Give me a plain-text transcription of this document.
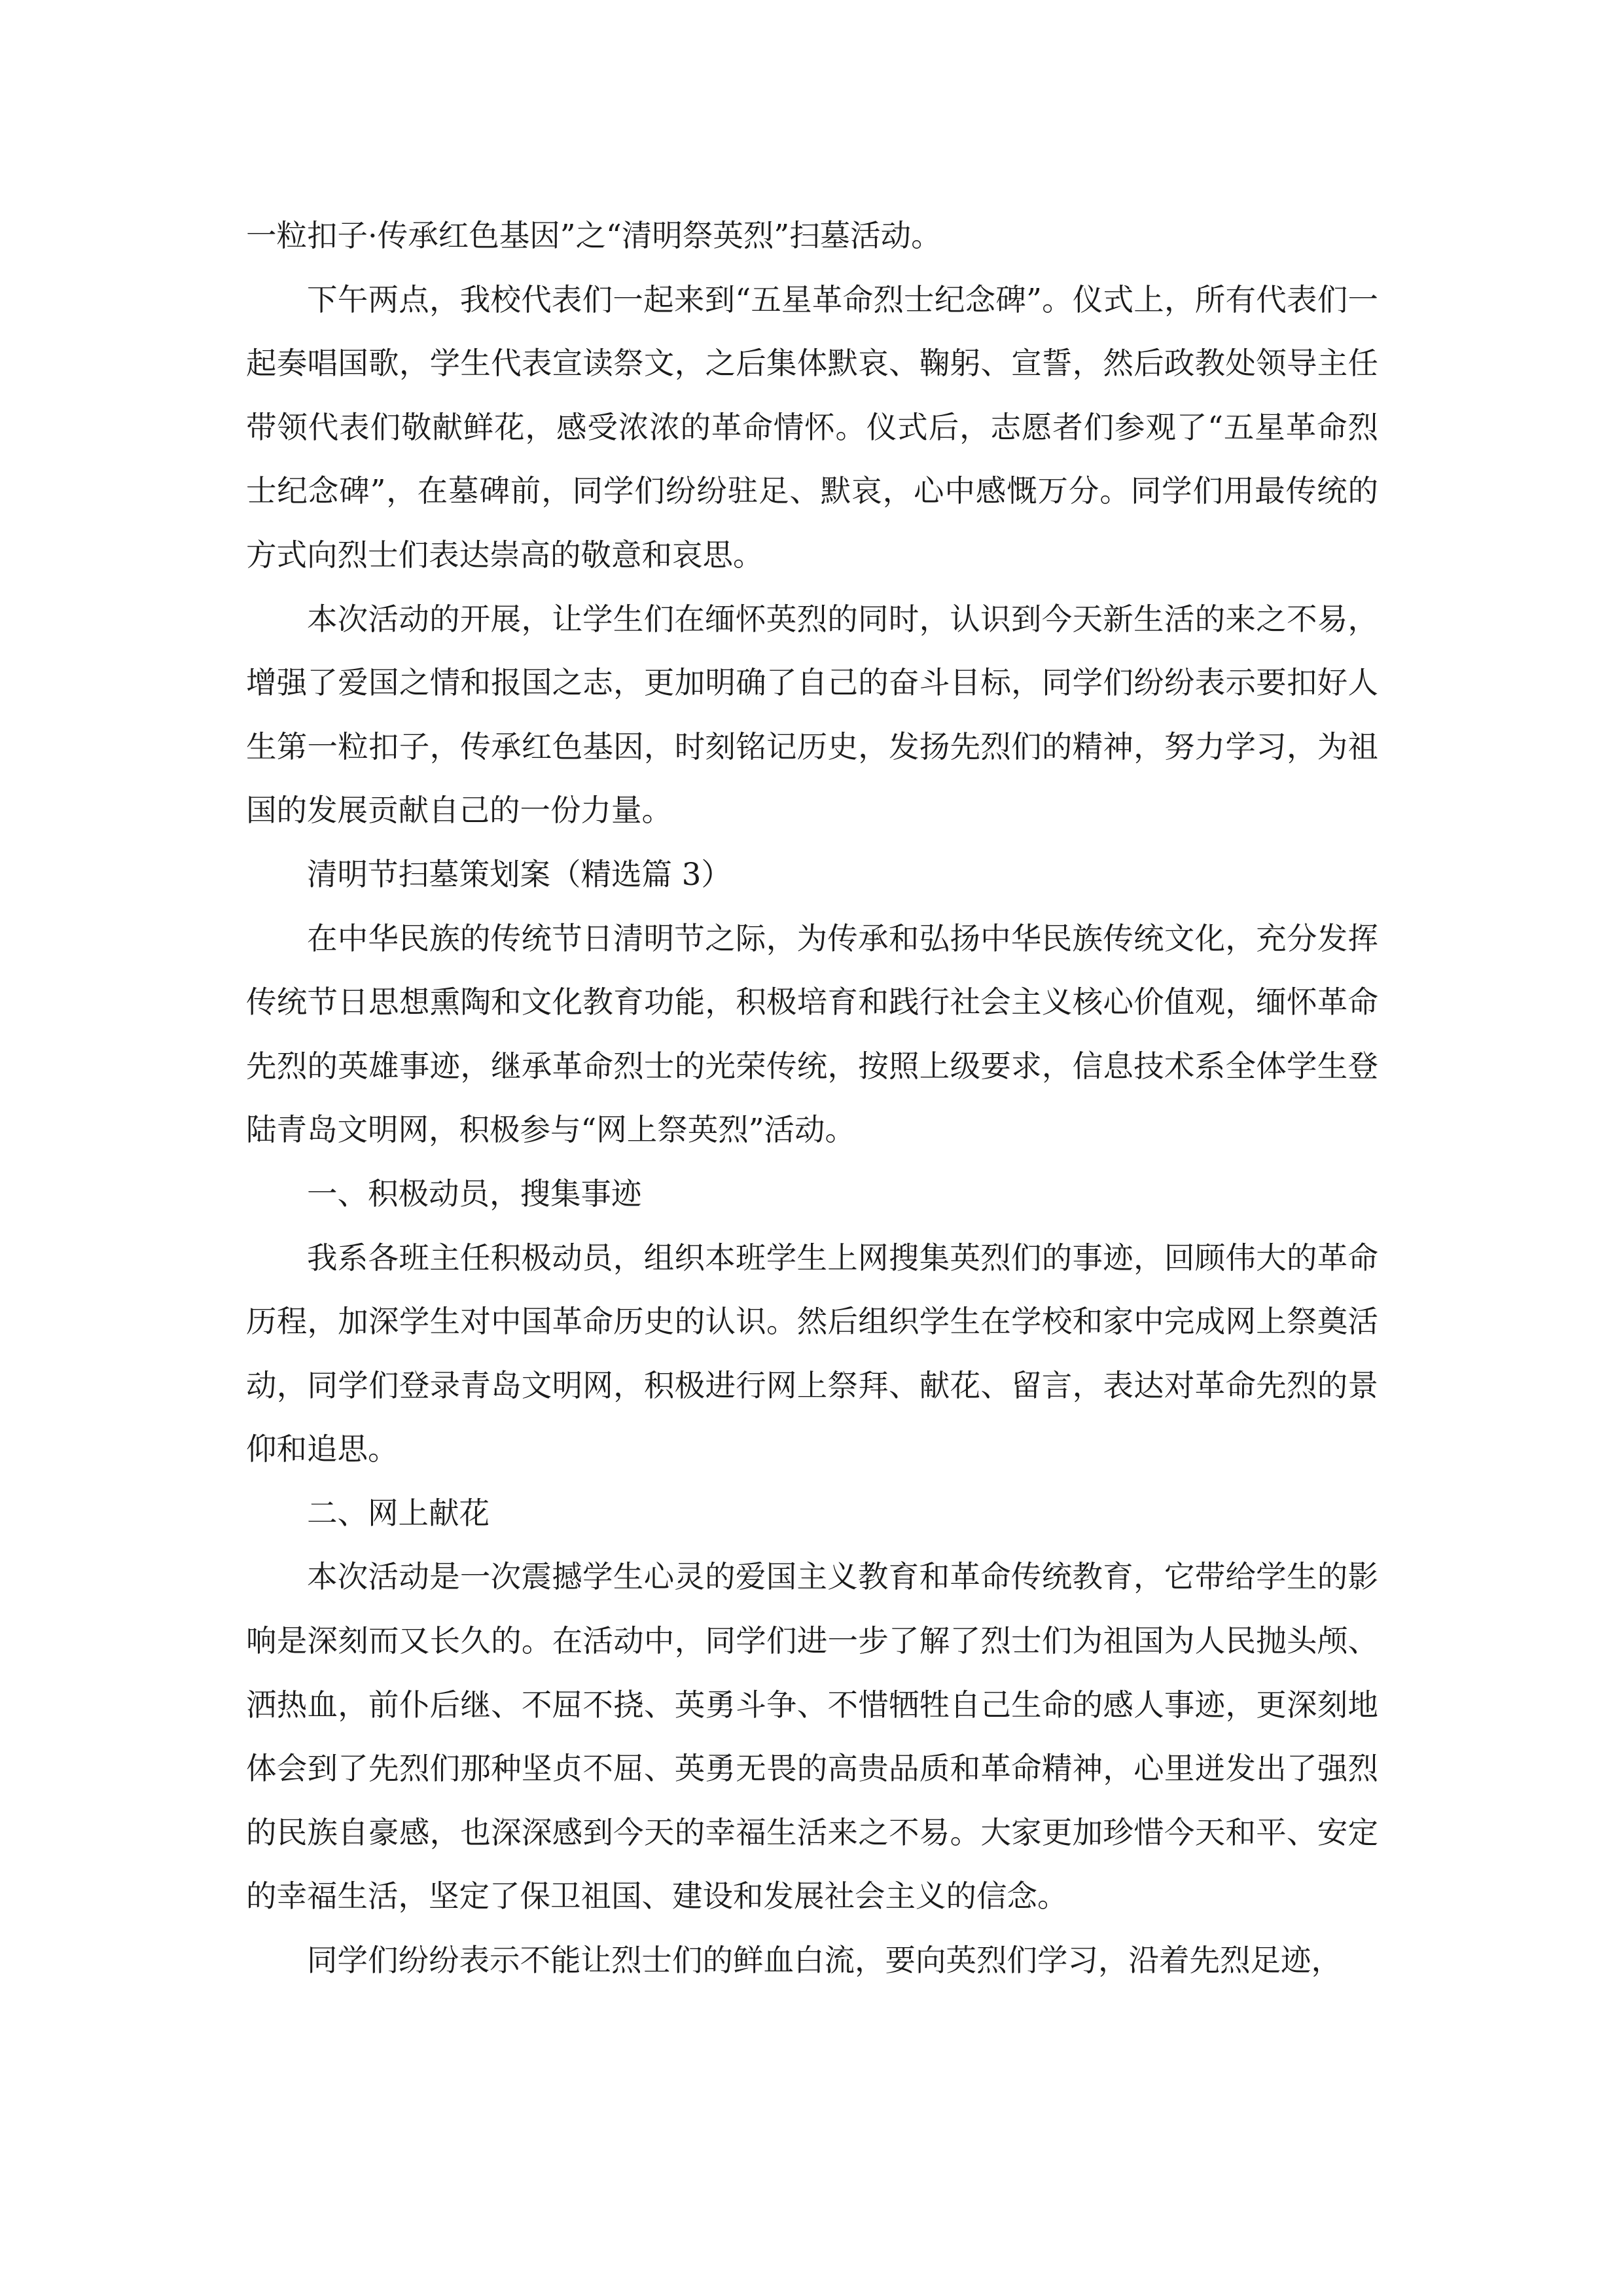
一粒扣子·传承红色基因”之“清明祭英烈”扫墓活动。

下午两点，我校代表们一起来到“五星革命烈士纪念碑”。仪式上，所有代表们一起奏唱国歌，学生代表宣读祭文，之后集体默哀、鞠躬、宣誓，然后政教处领导主任带领代表们敬献鲜花，感受浓浓的革命情怀。仪式后，志愿者们参观了“五星革命烈士纪念碑”，在墓碑前，同学们纷纷驻足、默哀，心中感慨万分。同学们用最传统的方式向烈士们表达崇高的敬意和哀思。

本次活动的开展，让学生们在缅怀英烈的同时，认识到今天新生活的来之不易，增强了爱国之情和报国之志，更加明确了自己的奋斗目标，同学们纷纷表示要扣好人生第一粒扣子，传承红色基因，时刻铭记历史，发扬先烈们的精神，努力学习，为祖国的发展贡献自己的一份力量。

清明节扫墓策划案（精选篇 3）

在中华民族的传统节日清明节之际，为传承和弘扬中华民族传统文化，充分发挥传统节日思想熏陶和文化教育功能，积极培育和践行社会主义核心价值观，缅怀革命先烈的英雄事迹，继承革命烈士的光荣传统，按照上级要求，信息技术系全体学生登陆青岛文明网，积极参与“网上祭英烈”活动。

一、积极动员，搜集事迹

我系各班主任积极动员，组织本班学生上网搜集英烈们的事迹，回顾伟大的革命历程，加深学生对中国革命历史的认识。然后组织学生在学校和家中完成网上祭奠活动，同学们登录青岛文明网，积极进行网上祭拜、献花、留言，表达对革命先烈的景仰和追思。

二、网上献花

本次活动是一次震撼学生心灵的爱国主义教育和革命传统教育，它带给学生的影响是深刻而又长久的。在活动中，同学们进一步了解了烈士们为祖国为人民抛头颅、洒热血，前仆后继、不屈不挠、英勇斗争、不惜牺牲自己生命的感人事迹，更深刻地体会到了先烈们那种坚贞不屈、英勇无畏的高贵品质和革命精神，心里迸发出了强烈的民族自豪感，也深深感到今天的幸福生活来之不易。大家更加珍惜今天和平、安定的幸福生活，坚定了保卫祖国、建设和发展社会主义的信念。

同学们纷纷表示不能让烈士们的鲜血白流，要向英烈们学习，沿着先烈足迹，
